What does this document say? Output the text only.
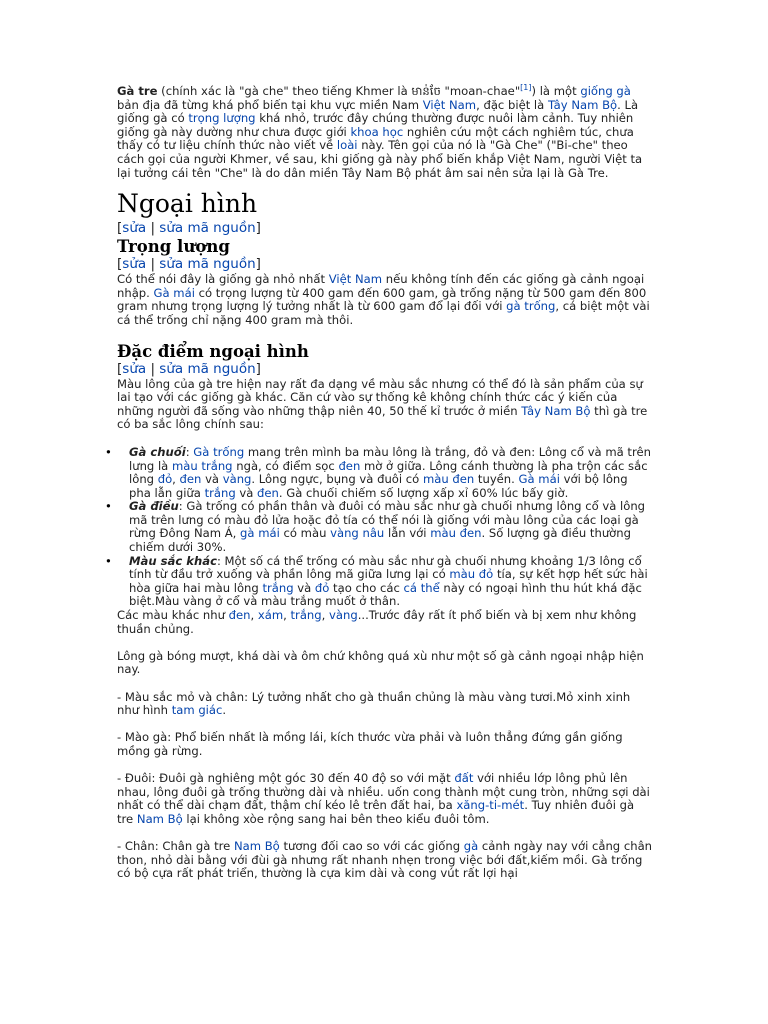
Gà tre (chính xác là "gà che" theo tiếng Khmer là មាន់ចែ "moan-chae"[1]) là một giống gà bản địa đã từng khá phổ biến tại khu vực miền Nam Việt Nam, đặc biệt là Tây Nam Bộ. Là giống gà có trọng lượng khá nhỏ, trước đây chúng thường được nuôi làm cảnh. Tuy nhiên giống gà này dường như chưa được giới khoa học nghiên cứu một cách nghiêm túc, chưa thấy có tư liệu chính thức nào viết về loài này. Tên gọi của nó là "Gà Che" ("Bi-che" theo cách gọi của người Khmer, về sau, khi giống gà này phổ biến khắp Việt Nam, người Việt ta lại tưởng cái tên "Che" là do dân miền Tây Nam Bộ phát âm sai nên sửa lại là Gà Tre.

Ngoại hình
[sửa | sửa mã nguồn]
Trọng lượng
[sửa | sửa mã nguồn]

Có thể nói đây là giống gà nhỏ nhất Việt Nam nếu không tính đến các giống gà cảnh ngoại nhập. Gà mái có trọng lượng từ 400 gam đến 600 gam, gà trống nặng từ 500 gam đến 800 gram nhưng trọng lượng lý tưởng nhất là từ 600 gam đổ lại đối với gà trống, cá biệt một vài cá thể trống chỉ nặng 400 gram mà thôi.

Đặc điểm ngoại hình
[sửa | sửa mã nguồn]

Màu lông của gà tre hiện nay rất đa dạng về màu sắc nhưng có thể đó là sản phẩm của sự lai tạo với các giống gà khác. Căn cứ vào sự thống kê không chính thức các ý kiến của những người đã sống vào những thập niên 40, 50 thế kỉ trước ở miền Tây Nam Bộ thì gà tre có ba sắc lông chính sau:

• Gà chuối: Gà trống mang trên mình ba màu lông là trắng, đỏ và đen: Lông cổ và mã trên lưng là màu trắng ngà, có điểm sọc đen mờ ở giữa. Lông cánh thường là pha trộn các sắc lông đỏ, đen và vàng. Lông ngực, bụng và đuôi có màu đen tuyền. Gà mái với bộ lông pha lẫn giữa trắng và đen. Gà chuối chiếm số lượng xấp xỉ 60% lúc bấy giờ.
• Gà điều: Gà trống có phần thân và đuôi có màu sắc như gà chuối nhưng lông cổ và lông mã trên lưng có màu đỏ lửa hoặc đỏ tía có thể nói là giống với màu lông của các loại gà rừng Đông Nam Á, gà mái có màu vàng nâu lẫn với màu đen. Số lượng gà điều thường chiếm dưới 30%.
• Màu sắc khác: Một số cá thể trống có màu sắc như gà chuối nhưng khoảng 1/3 lông cổ tính từ đầu trở xuống và phần lông mã giữa lưng lại có màu đỏ tía, sự kết hợp hết sức hài hòa giữa hai màu lông trắng và đỏ tạo cho các cá thể này có ngoại hình thu hút khá đặc biệt.Màu vàng ở cổ và màu trắng muốt ở thân.

Các màu khác như đen, xám, trắng, vàng...Trước đây rất ít phổ biến và bị xem như không thuần chủng.

Lông gà bóng mượt, khá dài và ôm chứ không quá xù như một số gà cảnh ngoại nhập hiện nay.

- Màu sắc mỏ và chân: Lý tưởng nhất cho gà thuần chủng là màu vàng tươi.Mỏ xinh xinh như hình tam giác.

- Mào gà: Phổ biến nhất là mồng lái, kích thước vừa phải và luôn thẳng đứng gần giống mồng gà rừng.

- Đuôi: Đuôi gà nghiêng một góc 30 đến 40 độ so với mặt đất với nhiều lớp lông phủ lên nhau, lông đuôi gà trống thường dài và nhiều. uốn cong thành một cung tròn, những sợi dài nhất có thể dài chạm đất, thậm chí kéo lê trên đất hai, ba xăng-ti-mét. Tuy nhiên đuôi gà tre Nam Bộ lại không xòe rộng sang hai bên theo kiểu đuôi tôm.

- Chân: Chân gà tre Nam Bộ tương đối cao so với các giống gà cảnh ngày nay với cẳng chân thon, nhỏ dài bằng với đùi gà nhưng rất nhanh nhẹn trong việc bới đất,kiếm mồi. Gà trống có bộ cựa rất phát triển, thường là cựa kim dài và cong vút rất lợi hại
